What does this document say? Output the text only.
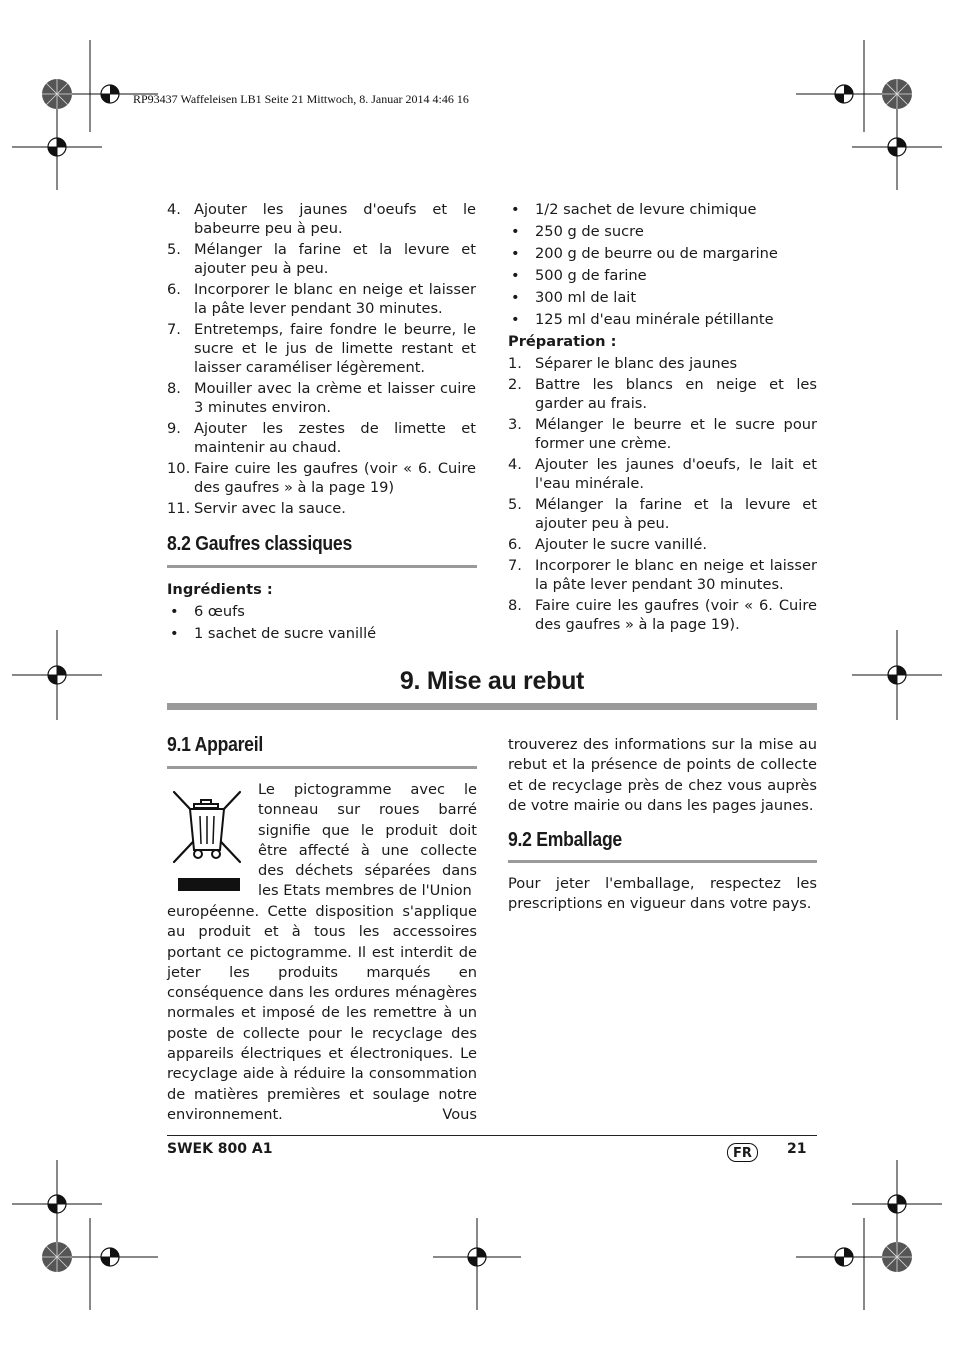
RP93437 Waffeleisen LB1 Seite 21 Mittwoch, 8. Januar 2014 4:46 16
4. Ajouter les jaunes d'oeufs et le babeurre peu à peu.
5. Mélanger la farine et la levure et ajouter peu à peu.
6. Incorporer le blanc en neige et laisser la pâte lever pendant 30 minutes.
7. Entretemps, faire fondre le beurre, le sucre et le jus de limette restant et laisser caraméliser légèrement.
8. Mouiller avec la crème et laisser cuire 3 minutes environ.
9. Ajouter les zestes de limette et maintenir au chaud.
10. Faire cuire les gaufres (voir « 6. Cuire des gaufres » à la page 19)
11. Servir avec la sauce.
8.2 Gaufres classiques
Ingrédients :
• 6 œufs
• 1 sachet de sucre vanillé
• 1/2 sachet de levure chimique
• 250 g de sucre
• 200 g de beurre ou de margarine
• 500 g de farine
• 300 ml de lait
• 125 ml d'eau minérale pétillante
Préparation :
1. Séparer le blanc des jaunes
2. Battre les blancs en neige et les garder au frais.
3. Mélanger le beurre et le sucre pour former une crème.
4. Ajouter les jaunes d'oeufs, le lait et l'eau minérale.
5. Mélanger la farine et la levure et ajouter peu à peu.
6. Ajouter le sucre vanillé.
7. Incorporer le blanc en neige et laisser la pâte lever pendant 30 minutes.
8. Faire cuire les gaufres (voir « 6. Cuire des gaufres » à la page 19).
9. Mise au rebut
9.1 Appareil
Le pictogramme avec le tonneau sur roues barré signifie que le produit doit être affecté à une collecte des déchets séparées dans les Etats membres de l'Union
européenne. Cette disposition s'applique au produit et à tous les accessoires portant ce pictogramme. Il est interdit de jeter les produits marqués en conséquence dans les ordures ménagères normales et imposé de les remettre à un poste de collecte pour le recyclage des appareils électriques et électroniques. Le recyclage aide à réduire la consommation de matières premières et soulage notre environnement. Vous
trouverez des informations sur la mise au rebut et la présence de points de collecte et de recyclage près de chez vous auprès de votre mairie ou dans les pages jaunes.
9.2 Emballage
Pour jeter l'emballage, respectez les prescriptions en vigueur dans votre pays.
SWEK 800 A1	FR	21
